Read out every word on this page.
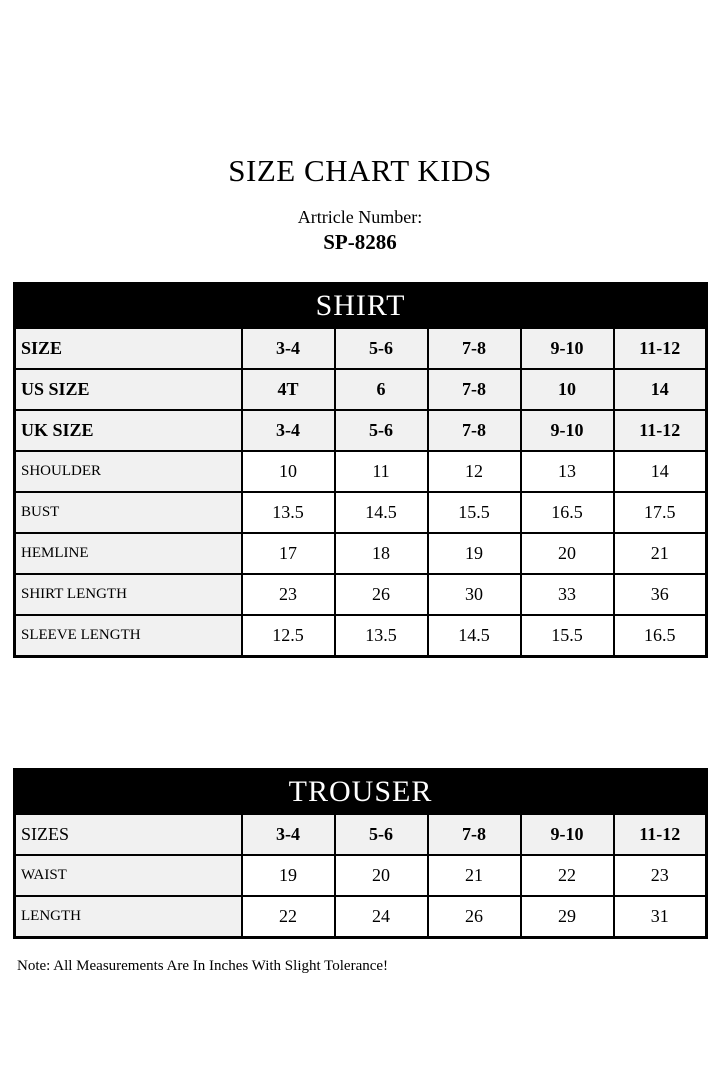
SIZE CHART KIDS
Artricle Number:
SP-8286
SHIRT					
SIZE	3-4	5-6	7-8	9-10	11-12
US SIZE	4T	6	7-8	10	14
UK SIZE	3-4	5-6	7-8	9-10	11-12
SHOULDER	10	11	12	13	14
BUST	13.5	14.5	15.5	16.5	17.5
HEMLINE	17	18	19	20	21
SHIRT LENGTH	23	26	30	33	36
SLEEVE LENGTH	12.5	13.5	14.5	15.5	16.5
TROUSER					
SIZES	3-4	5-6	7-8	9-10	11-12
WAIST	19	20	21	22	23
LENGTH	22	24	26	29	31
Note: All Measurements Are In Inches With Slight Tolerance!
